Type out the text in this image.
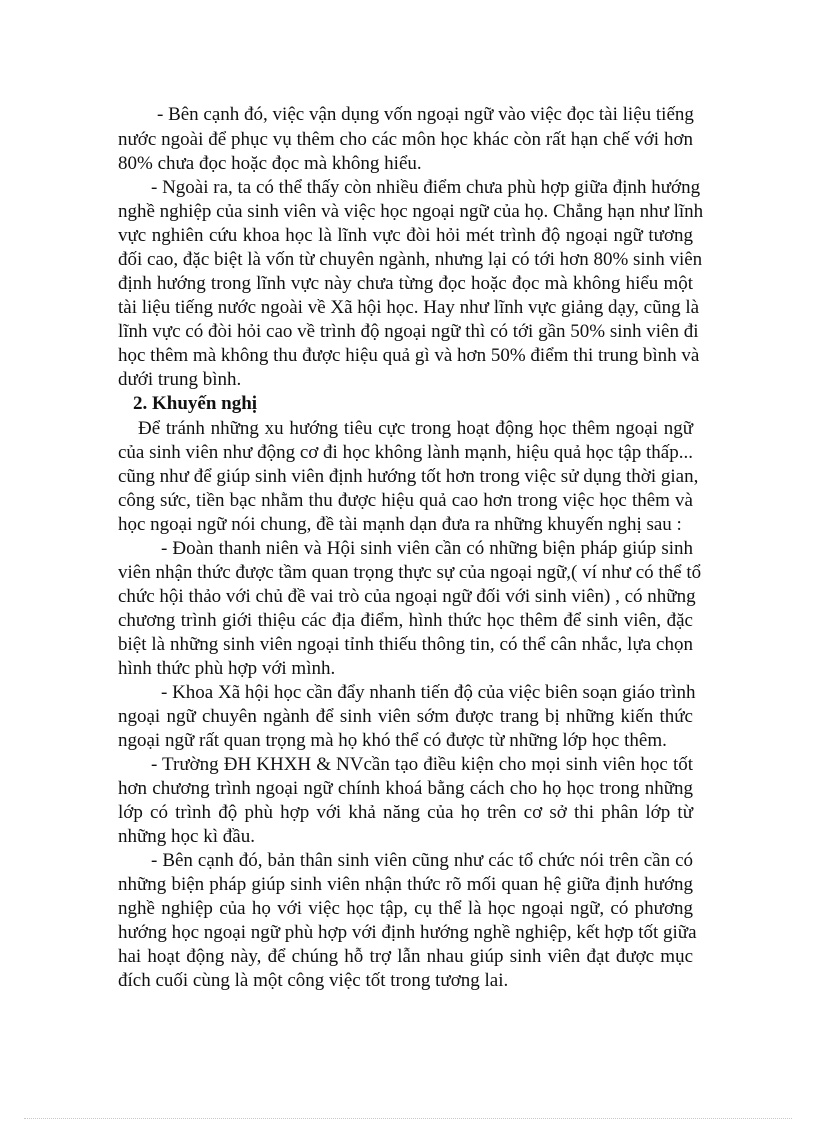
- Bên cạnh đó, việc vận dụng vốn ngoại ngữ vào việc đọc tài liệu tiếng
nước ngoài để phục vụ thêm cho các môn học khác còn rất hạn chế với hơn
80% chưa đọc hoặc đọc mà không hiểu.
- Ngoài ra, ta có thể thấy còn nhiều điểm chưa phù hợp giữa định hướng
nghề nghiệp của sinh viên và việc học ngoại ngữ của họ. Chẳng hạn như lĩnh
vực nghiên cứu khoa học là lĩnh vực đòi hỏi mét trình độ ngoại ngữ tương
đối cao, đặc biệt là vốn từ chuyên ngành, nhưng lại có tới hơn 80% sinh viên
định hướng trong lĩnh vực này chưa từng đọc hoặc đọc mà không hiểu một
tài liệu tiếng nước ngoài về Xã hội học. Hay như lĩnh vực giảng dạy, cũng là
lĩnh vực có đòi hỏi cao về trình độ ngoại ngữ thì có tới gần 50% sinh viên đi
học thêm mà không thu được hiệu quả gì và hơn 50% điểm thi trung bình và
dưới trung bình.
2. Khuyến nghị
Để tránh những xu hướng tiêu cực trong hoạt động học thêm ngoại ngữ
của sinh viên như động cơ đi học không lành mạnh, hiệu quả học tập thấp...
cũng như để giúp sinh viên định hướng tốt hơn trong việc sử dụng thời gian,
công sức, tiền bạc nhằm thu được hiệu quả cao hơn trong việc học thêm và
học ngoại ngữ nói chung, đề tài mạnh dạn đưa ra những khuyến nghị sau :
- Đoàn thanh niên và Hội sinh viên cần có những biện pháp giúp sinh
viên nhận thức được tầm quan trọng thực sự của ngoại ngữ,( ví như có thể tổ
chức hội thảo với chủ đề vai trò của ngoại ngữ đối với sinh viên) , có những
chương trình giới thiệu các địa điểm, hình thức học thêm để sinh viên, đặc
biệt là những sinh viên ngoại tỉnh thiếu thông tin, có thể cân nhắc, lựa chọn
hình thức phù hợp với mình.
- Khoa Xã hội học cần đẩy nhanh tiến độ của việc biên soạn giáo trình
ngoại ngữ chuyên ngành để sinh viên sớm được trang bị những kiến thức
ngoại ngữ rất quan trọng mà họ khó thể có được từ những lớp học thêm.
- Trường ĐH KHXH & NVcần tạo điều kiện cho mọi sinh viên học tốt
hơn chương trình ngoại ngữ chính khoá bằng cách cho họ học trong những
lớp có trình độ phù hợp với khả năng của họ trên cơ sở thi phân lớp từ
những học kì đầu.
- Bên cạnh đó, bản thân sinh viên cũng như các tổ chức nói trên cần có
những biện pháp giúp sinh viên nhận thức rõ mối quan hệ giữa định hướng
nghề nghiệp của họ với việc học tập, cụ thể là học ngoại ngữ, có phương
hướng học ngoại ngữ phù hợp với định hướng nghề nghiệp, kết hợp tốt giữa
hai hoạt động này, để chúng hỗ trợ lẫn nhau giúp sinh viên đạt được mục
đích cuối cùng là một công việc tốt trong tương lai.
